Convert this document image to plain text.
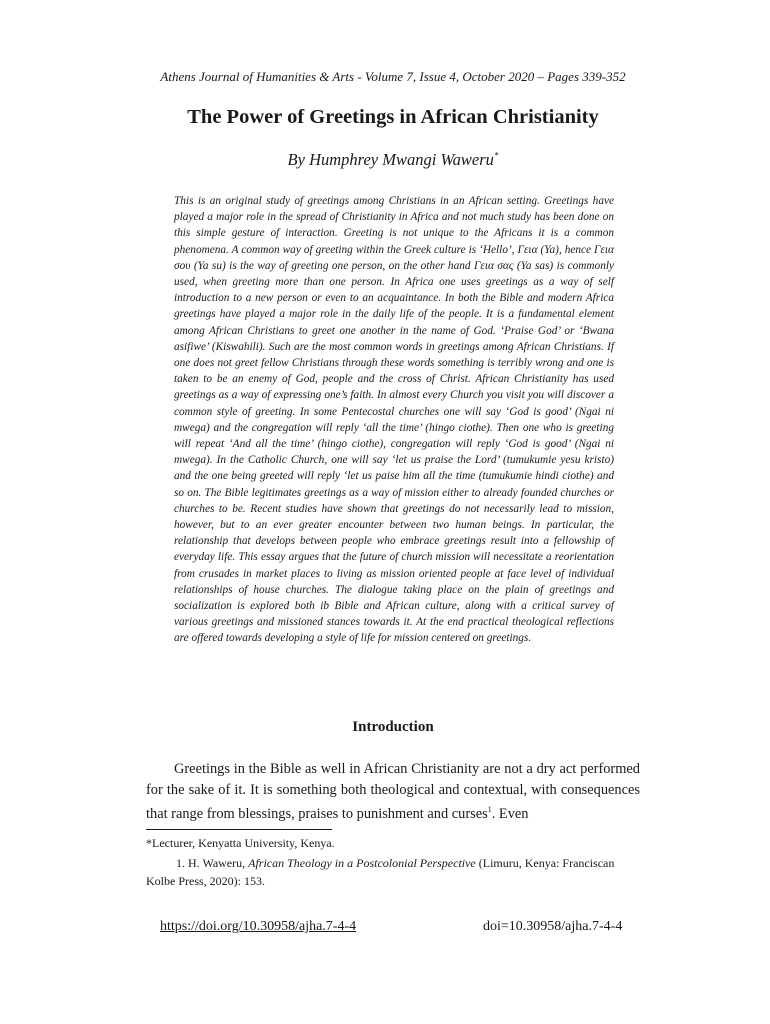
Athens Journal of Humanities & Arts - Volume 7, Issue 4, October 2020 – Pages 339-352
The Power of Greetings in African Christianity
By Humphrey Mwangi Waweru*

This is an original study of greetings among Christians in an African setting. Greetings have played a major role in the spread of Christianity in Africa and not much study has been done on this simple gesture of interaction. Greeting is not unique to the Africans it is a common phenomena. A common way of greeting within the Greek culture is ‘Hello’, Γεια (Ya), hence Γεια σου (Ya su) is the way of greeting one person, on the other hand Γεια σας (Ya sas) is commonly used, when greeting more than one person. In Africa one uses greetings as a way of self introduction to a new person or even to an acquaintance. In both the Bible and modern Africa greetings have played a major role in the daily life of the people. It is a fundamental element among African Christians to greet one another in the name of God. ‘Praise God’ or ‘Bwana asifiwe’ (Kiswahili). Such are the most common words in greetings among African Christians. If one does not greet fellow Christians through these words something is terribly wrong and one is taken to be an enemy of God, people and the cross of Christ. African Christianity has used greetings as a way of expressing one’s faith. In almost every Church you visit you will discover a common style of greeting. In some Pentecostal churches one will say ‘God is good’ (Ngai ni mwega) and the congregation will reply ‘all the time’ (hingo ciothe). Then one who is greeting will repeat ‘And all the time’ (hingo ciothe), congregation will reply ‘God is good’ (Ngai ni mwega). In the Catholic Church, one will say ‘let us praise the Lord’ (tumukumie yesu kristo) and the one being greeted will reply ‘let us paise him all the time (tumukumie hindi ciothe) and so on. The Bible legitimates greetings as a way of mission either to already founded churches or churches to be. Recent studies have shown that greetings do not necessarily lead to mission, however, but to an ever greater encounter between two human beings. In particular, the relationship that develops between people who embrace greetings result into a fellowship of everyday life. This essay argues that the future of church mission will necessitate a reorientation from crusades in market places to living as mission oriented people at face level of individual relationships of house churches. The dialogue taking place on the plain of greetings and socialization is explored both ib Bible and African culture, along with a critical survey of various greetings and missioned stances towards it. At the end practical theological reflections are offered towards developing a style of life for mission centered on greetings.

Introduction

Greetings in the Bible as well in African Christianity are not a dry act performed for the sake of it. It is something both theological and contextual, with consequences that range from blessings, praises to punishment and curses$^1$. Even

*Lecturer, Kenyatta University, Kenya.

1. H. Waweru, African Theology in a Postcolonial Perspective (Limuru, Kenya: Franciscan Kolbe Press, 2020): 153.

https://doi.org/10.30958/ajha.7-4-4	doi=10.30958/ajha.7-4-4
